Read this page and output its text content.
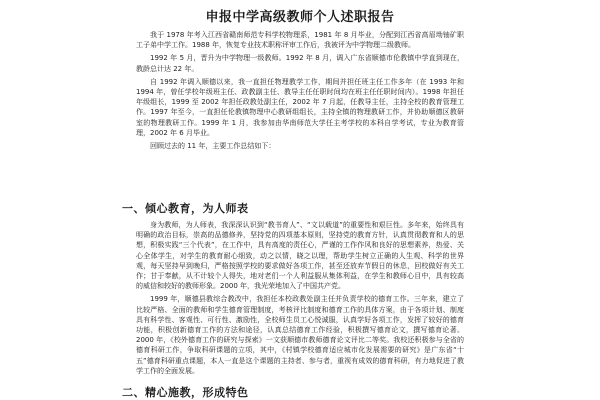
申报中学高级教师个人述职报告

我于 1978 年考入江西省赣南师范专科学校物理系，1981 年 8 月毕业，分配到江西省高眉坳铀矿职工子弟中学工作。1988 年，恢复专业技术职称评审工作后，我被评为中学物理二级教师。

1992 年 5 月，晋升为中学物理一级教师。1992 年 8 月，调入广东省顺德市伦教镇中学直到现在，教龄总计达 22 年。

自 1992 年调入顺德以来，我一直担任物理教学工作，期间并担任班主任工作多年（在 1993 年和 1994 年，曾任学校年级班主任、政教副主任、教导主任任职时间均在班主任任职时间内）。1998 年担任年级组长，1999 至 2002 年担任政教处副主任，2002 年 7 月起，任教导主任，主持全校的教育管理工作。1997 年至今，一直担任伦教镇物理中心教研组组长，主持全镇的物理教研工作，并协助顺德区教研室的物理教研工作。1999 年 1 月，我参加由华南师范大学任主考学校的本科自学考试，专业为教育管理，2002 年 6 月毕业。

回顾过去的 11 年，主要工作总结如下：

一、倾心教育，为人师表

身为教师，为人师表，我深深认识到“教书育人”、“文以载道”的重要性和艰巨性。多年来，始终具有明确的政治目标，崇高的品德修养，坚持党的四项基本原则，坚持党的教育方针，认真贯彻教育和人的思想，积极实践“三个代表”，在工作中，具有高度的责任心，严谨的工作作风和良好的思想素养，热爱、关心全体学生，对学生的教育耐心细致，动之以情，晓之以理，帮助学生树立正确的人生观、科学的世界观，每天坚持早到晚归，严格按照学校的要求做好各项工作，甚至还放弃节假日的休息，回校做好有关工作；甘于奉献，从不计较个人得失，地对老们一个人利益服从集体利益，在学生和教师心目中，具有较高的威信和较好的教师形象。2000 年，我光荣地加入了中国共产党。

1999 年，顺德县教综合教改中，我担任本校政教处副主任并负责学校的德育工作。三年来，建立了比较严格、全面的教师和学生德育管理制度，考核评比制度和德育工作的具体方案，由于各项计划、制度具有科学性、客观性、可行性、激励性，全校师生员工心悦诚服，认真学好各项工作，发挥了较好的德育功能，积极创新德育工作的方法和途径，认真总结德育工作经验，积极撰写德育论文，撰写德育论著。2000 年，《校外德育工作的研究与探索》一文获顺德市教师德育论文评比二等奖。我校还积极参与全省的德育科研工作，争取科研课题的立项，其中，《村镇学校德育适应城市化发展需要的研究》是广东省“十五”德育科研重点课题，本人一直是这个课题的主持者、参与者，重视有成效的德育科研，有力地促进了教学工作的全面发展。

二、精心施教，形成特色
